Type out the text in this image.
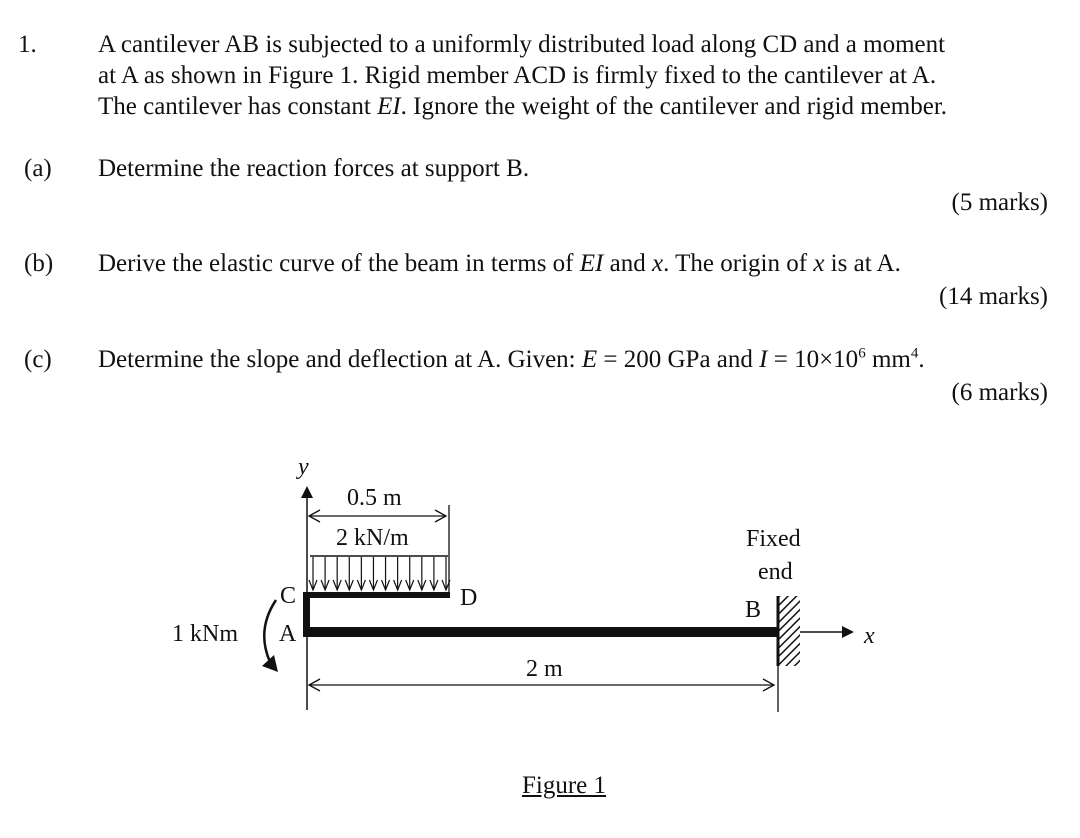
1. A cantilever AB is subjected to a uniformly distributed load along CD and a moment
at A as shown in Figure 1. Rigid member ACD is firmly fixed to the cantilever at A.
The cantilever has constant EI. Ignore the weight of the cantilever and rigid member.
(a) Determine the reaction forces at support B.
(5 marks)
(b) Derive the elastic curve of the beam in terms of EI and x. The origin of x is at A.
(14 marks)
(c) Determine the slope and deflection at A. Given: E = 200 GPa and $I = 10\times 10^6$ $mm^4$.
(6 marks)
y
0.5 m
2 kN/m
x
C	D
A
B
Fixed
end
1 kNm
2 m
Figure 1
